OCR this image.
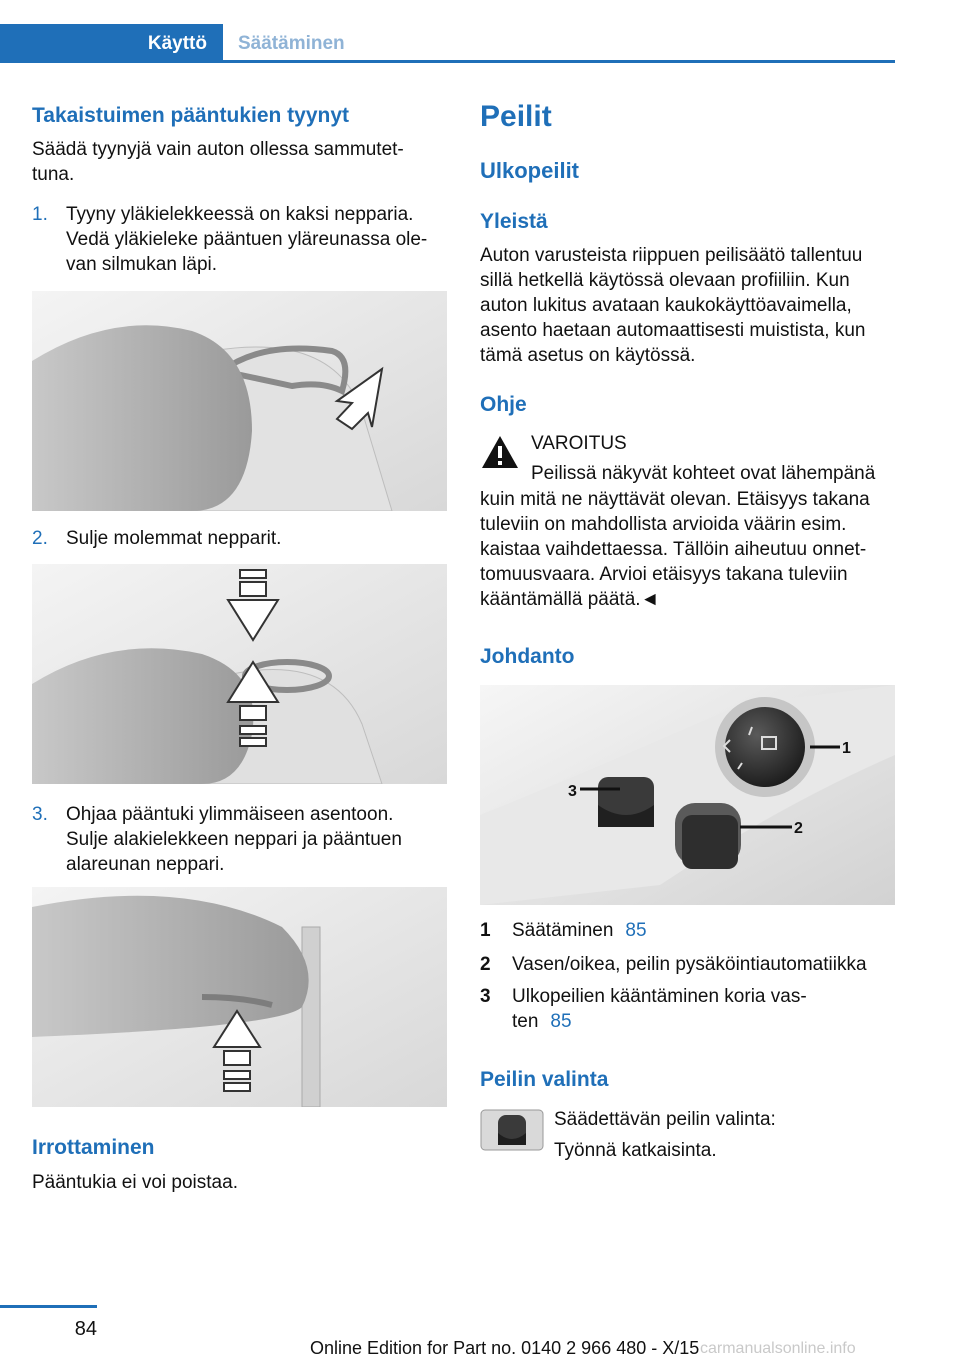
Käyttö Säätäminen
Takaistuimen pääntukien tyynyt
Säädä tyynyjä vain auton ollessa sammutet‐
tuna.
1. Tyyny yläkielekkeessä on kaksi nepparia.
Vedä yläkieleke pääntuen yläreunassa ole‐
van silmukan läpi.
2. Sulje molemmat nepparit.
3. Ohjaa pääntuki ylimmäiseen asentoon.
Sulje alakielekkeen neppari ja pääntuen
alareunan neppari.
Irrottaminen
Pääntukia ei voi poistaa.
Peilit
Ulkopeilit
Yleistä
Auton varusteista riippuen peilisäätö tallentuu
sillä hetkellä käytössä olevaan profiiliin. Kun
auton lukitus avataan kaukokäyttöavaimella,
asento haetaan automaattisesti muistista, kun
tämä asetus on käytössä.
Ohje
VAROITUS
Peilissä näkyvät kohteet ovat lähempänä
kuin mitä ne näyttävät olevan. Etäisyys takana
tuleviin on mahdollista arvioida väärin esim.
kaistaa vaihdettaessa. Tällöin aiheutuu onnet‐
tomuusvaara. Arvioi etäisyys takana tuleviin
kääntämällä päätä.◄
Johdanto
1
2
3
1 Säätäminen 85
2 Vasen/oikea, peilin pysäköintiautomatiikka
3 Ulkopeilien kääntäminen koria vas‐
ten 85
Peilin valinta
Säädettävän peilin valinta:
Työnnä katkaisinta.
84
Online Edition for Part no. 0140 2 966 480 - X/15 carmanualsonline.info
